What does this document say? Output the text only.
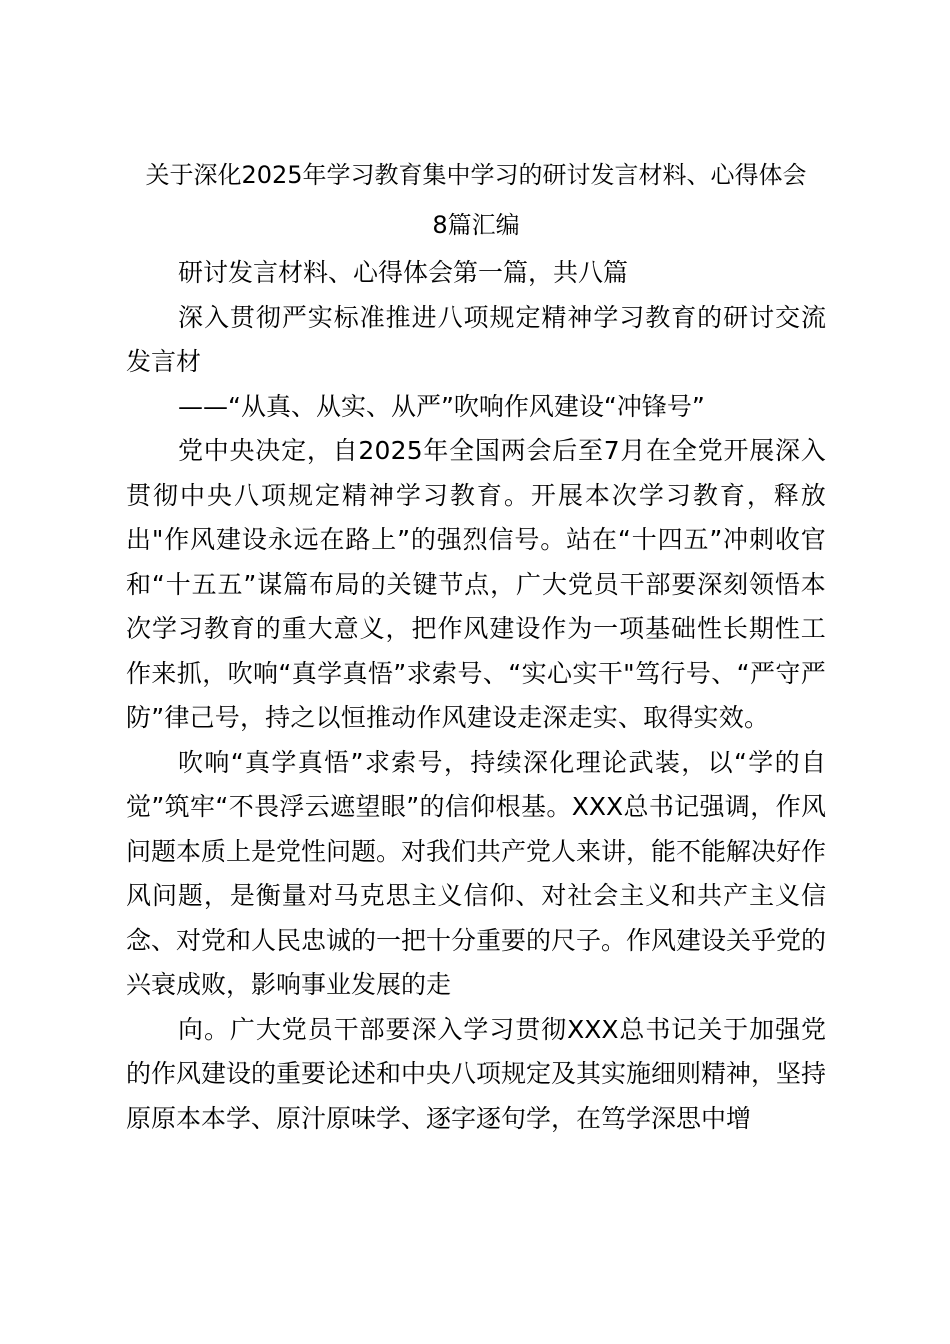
关于深化2025年学习教育集中学习的研讨发言材料、心得体会

8篇汇编

研讨发言材料、心得体会第一篇，共八篇

深入贯彻严实标准推进八项规定精神学习教育的研讨交流发言材

——“从真、从实、从严”吹响作风建设“冲锋号”

党中央决定，自2025年全国两会后至7月在全党开展深入贯彻中央八项规定精神学习教育。开展本次学习教育，释放出"作风建设永远在路上”的强烈信号。站在“十四五”冲刺收官和“十五五”谋篇布局的关键节点，广大党员干部要深刻领悟本次学习教育的重大意义，把作风建设作为一项基础性长期性工作来抓，吹响“真学真悟”求索号、“实心实干"笃行号、“严守严防”律己号，持之以恒推动作风建设走深走实、取得实效。

吹响“真学真悟”求索号，持续深化理论武装，以“学的自觉”筑牢“不畏浮云遮望眼”的信仰根基。XXX总书记强调，作风问题本质上是党性问题。对我们共产党人来讲，能不能解决好作风问题，是衡量对马克思主义信仰、对社会主义和共产主义信念、对党和人民忠诚的一把十分重要的尺子。作风建设关乎党的兴衰成败，影响事业发展的走

向。广大党员干部要深入学习贯彻XXX总书记关于加强党的作风建设的重要论述和中央八项规定及其实施细则精神，坚持原原本本学、原汁原味学、逐字逐句学，在笃学深思中增
